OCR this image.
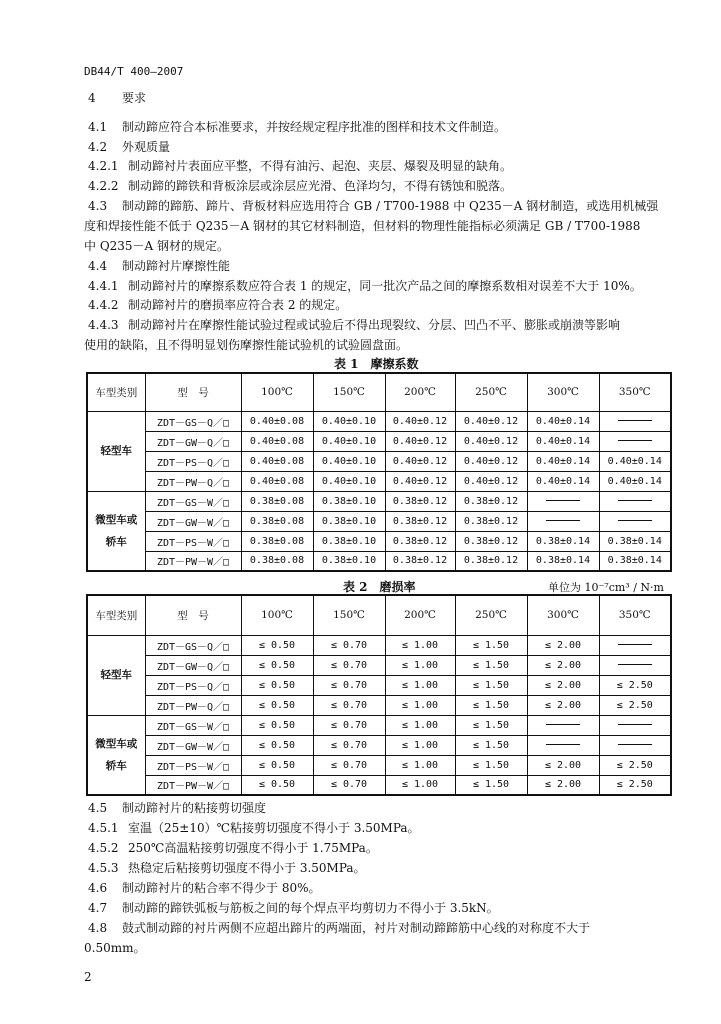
DB44/T 400—2007
4 要求
4.1 制动蹄应符合本标准要求，并按经规定程序批准的图样和技术文件制造。
4.2 外观质量
4.2.1 制动蹄衬片表面应平整，不得有油污、起泡、夹层、爆裂及明显的缺角。
4.2.2 制动蹄的蹄铁和背板涂层或涂层应光滑、色泽均匀，不得有锈蚀和脱落。
4.3 制动蹄的蹄筋、蹄片、背板材料应选用符合 GB / T700-1988 中 Q235－A 钢材制造，或选用机械强
度和焊接性能不低于 Q235－A 钢材的其它材料制造，但材料的物理性能指标必须满足 GB / T700-1988
中 Q235－A 钢材的规定。
4.4 制动蹄衬片摩擦性能
4.4.1 制动蹄衬片的摩擦系数应符合表 1 的规定，同一批次产品之间的摩擦系数相对误差不大于 10%。
4.4.2 制动蹄衬片的磨损率应符合表 2 的规定。
4.4.3 制动蹄衬片在摩擦性能试验过程或试验后不得出现裂纹、分层、凹凸不平、膨胀或崩溃等影响
使用的缺陷，且不得明显划伤摩擦性能试验机的试验圆盘面。
表 1　摩擦系数
车型类别	型　号	100℃	150℃	200℃	250℃	300℃	350℃
轻型车	ZDT－GS－Q／□	0.40±0.08	0.40±0.10	0.40±0.12	0.40±0.12	0.40±0.14	
	ZDT－GW－Q／□	0.40±0.08	0.40±0.10	0.40±0.12	0.40±0.12	0.40±0.14	
	ZDT－PS－Q／□	0.40±0.08	0.40±0.10	0.40±0.12	0.40±0.12	0.40±0.14	0.40±0.14
	ZDT－PW－Q／□	0.40±0.08	0.40±0.10	0.40±0.12	0.40±0.12	0.40±0.14	0.40±0.14
微型车或轿车	ZDT－GS－W／□	0.38±0.08	0.38±0.10	0.38±0.12	0.38±0.12		
	ZDT－GW－W／□	0.38±0.08	0.38±0.10	0.38±0.12	0.38±0.12		
	ZDT－PS－W／□	0.38±0.08	0.38±0.10	0.38±0.12	0.38±0.12	0.38±0.14	0.38±0.14
	ZDT－PW－W／□	0.38±0.08	0.38±0.10	0.38±0.12	0.38±0.12	0.38±0.14	0.38±0.14
表 2　磨损率	单位为 10⁻⁷cm³ / N·m
车型类别	型　号	100℃	150℃	200℃	250℃	300℃	350℃
轻型车	ZDT－GS－Q／□	≤ 0.50	≤ 0.70	≤ 1.00	≤ 1.50	≤ 2.00	
	ZDT－GW－Q／□	≤ 0.50	≤ 0.70	≤ 1.00	≤ 1.50	≤ 2.00	
	ZDT－PS－Q／□	≤ 0.50	≤ 0.70	≤ 1.00	≤ 1.50	≤ 2.00	≤ 2.50
	ZDT－PW－Q／□	≤ 0.50	≤ 0.70	≤ 1.00	≤ 1.50	≤ 2.00	≤ 2.50
微型车或轿车	ZDT－GS－W／□	≤ 0.50	≤ 0.70	≤ 1.00	≤ 1.50		
	ZDT－GW－W／□	≤ 0.50	≤ 0.70	≤ 1.00	≤ 1.50		
	ZDT－PS－W／□	≤ 0.50	≤ 0.70	≤ 1.00	≤ 1.50	≤ 2.00	≤ 2.50
	ZDT－PW－W／□	≤ 0.50	≤ 0.70	≤ 1.00	≤ 1.50	≤ 2.00	≤ 2.50
4.5 制动蹄衬片的粘接剪切强度
4.5.1 室温（25±10）℃粘接剪切强度不得小于 3.50MPa。
4.5.2 250℃高温粘接剪切强度不得小于 1.75MPa。
4.5.3 热稳定后粘接剪切强度不得小于 3.50MPa。
4.6 制动蹄衬片的粘合率不得少于 80%。
4.7 制动蹄的蹄铁弧板与筋板之间的每个焊点平均剪切力不得小于 3.5kN。
4.8 鼓式制动蹄的衬片两侧不应超出蹄片的两端面，衬片对制动蹄蹄筋中心线的对称度不大于
0.50mm。
2
